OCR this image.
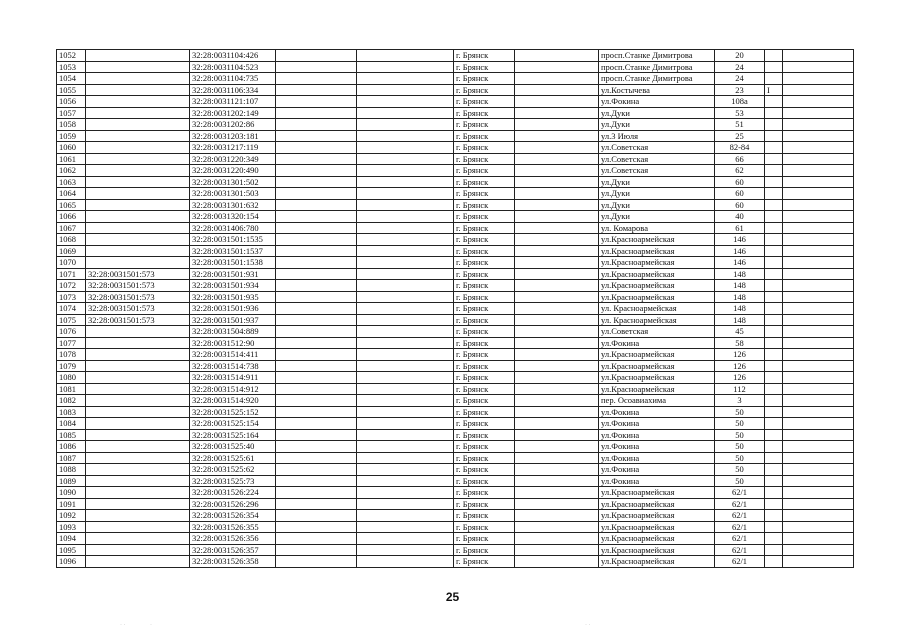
1052		32:28:0031104:426			г. Брянск		просп.Станке Димитрова	20			
1053		32:28:0031104:523			г. Брянск		просп.Станке Димитрова	24			
1054		32:28:0031104:735			г. Брянск		просп.Станке Димитрова	24			
1055		32:28:0031106:334			г. Брянск		ул.Костычева	23	I		
1056		32:28:0031121:107			г. Брянск		ул.Фокина	108а			
1057		32:28:0031202:149			г. Брянск		ул.Дуки	53			
1058		32:28:0031202:86			г. Брянск		ул.Дуки	51			
1059		32:28:0031203:181			г. Брянск		ул.3 Июля	25			
1060		32:28:0031217:119			г. Брянск		ул.Советская	82-84			
1061		32:28:0031220:349			г. Брянск		ул.Советская	66			
1062		32:28:0031220:490			г. Брянск		ул.Советская	62			
1063		32:28:0031301:502			г. Брянск		ул.Дуки	60			
1064		32:28:0031301:503			г. Брянск		ул.Дуки	60			
1065		32:28:0031301:632			г. Брянск		ул.Дуки	60			
1066		32:28:0031320:154			г. Брянск		ул.Дуки	40			
1067		32:28:0031406:780			г. Брянск		ул. Комарова	61			
1068		32:28:0031501:1535			г. Брянск		ул.Красноармейская	146			
1069		32:28:0031501:1537			г. Брянск		ул.Красноармейская	146			
1070		32:28:0031501:1538			г. Брянск		ул.Красноармейская	146			
1071	32:28:0031501:573	32:28:0031501:931			г. Брянск		ул.Красноармейская	148			
1072	32:28:0031501:573	32:28:0031501:934			г. Брянск		ул.Красноармейская	148			
1073	32:28:0031501:573	32:28:0031501:935			г. Брянск		ул.Красноармейская	148			
1074	32:28:0031501:573	32:28:0031501:936			г. Брянск		ул. Красноармейская	148			
1075	32:28:0031501:573	32:28:0031501:937			г. Брянск		ул. Красноармейская	148			
1076		32:28:0031504:889			г. Брянск		ул.Советская	45			
1077		32:28:0031512:90			г. Брянск		ул.Фокина	58			
1078		32:28:0031514:411			г. Брянск		ул.Красноармейская	126			
1079		32:28:0031514:738			г. Брянск		ул.Красноармейская	126			
1080		32:28:0031514:911			г. Брянск		ул.Красноармейская	126			
1081		32:28:0031514:912			г. Брянск		ул.Красноармейская	112			
1082		32:28:0031514:920			г. Брянск		пер. Осоавиахима	3			
1083		32:28:0031525:152			г. Брянск		ул.Фокина	50			
1084		32:28:0031525:154			г. Брянск		ул.Фокина	50			
1085		32:28:0031525:164			г. Брянск		ул.Фокина	50			
1086		32:28:0031525:40			г. Брянск		ул.Фокина	50			
1087		32:28:0031525:61			г. Брянск		ул.Фокина	50			
1088		32:28:0031525:62			г. Брянск		ул.Фокина	50			
1089		32:28:0031525:73			г. Брянск		ул.Фокина	50			
1090		32:28:0031526:224			г. Брянск		ул.Красноармейская	62/1			
1091		32:28:0031526:296			г. Брянск		ул.Красноармейская	62/1			
1092		32:28:0031526:354			г. Брянск		ул.Красноармейская	62/1			
1093		32:28:0031526:355			г. Брянск		ул.Красноармейская	62/1			
1094		32:28:0031526:356			г. Брянск		ул.Красноармейская	62/1			
1095		32:28:0031526:357			г. Брянск		ул.Красноармейская	62/1			
1096		32:28:0031526:358			г. Брянск		ул.Красноармейская	62/1			
25
· ·	·	· ·
